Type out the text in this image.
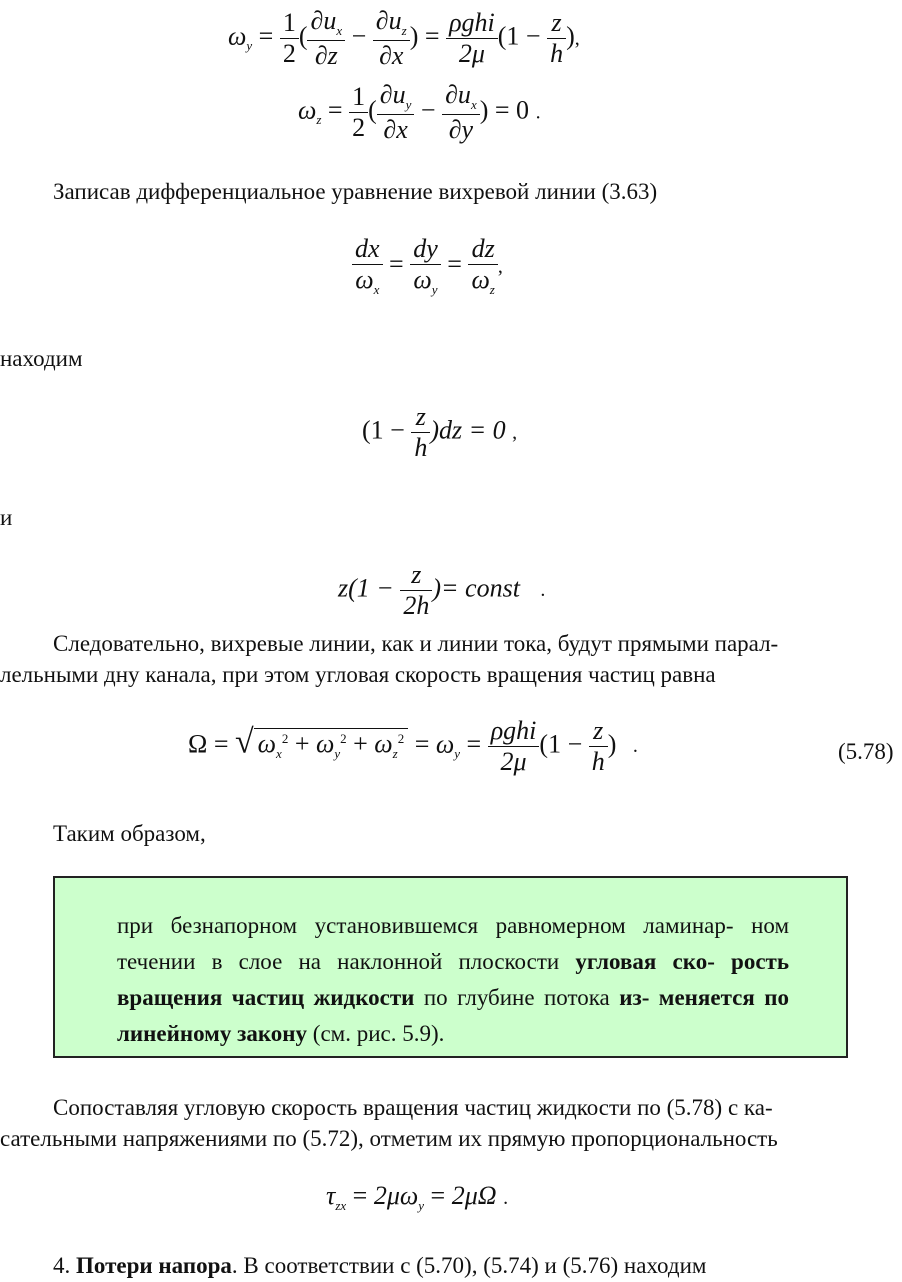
$\omega_y = \frac{1}{2}$ ( $\frac{\partial u_x}{\partial z} - \frac{\partial u_z}{\partial x}$ ) = $\frac{\text{ρghi}}{2\mu} (1 - \frac{z}{h}$ ),
$\omega_z = \frac{1}{2}$ ( $\frac{\partial u_y}{\partial x} - \frac{\partial u_x}{\partial y}$ ) = 0 .
Записав дифференциальное уравнение вихревой линии (3.63)
$\frac{dx}{\omega_x} = \frac{dy}{\omega_y} = \frac{dz}{\omega_z}$ ,
находим
$(1 - \frac{z}{h} )dz = 0$ ,
и
$z(1 - \frac{z}{2h}$ )= const .
Следовательно, вихревые линии, как и линии тока, будут прямыми парал-
лельными дну канала, при этом угловая скорость вращения частиц равна
Ω = √ $\omega_x^2 + \omega_y^2 + \omega_z^2 = \omega_y = \frac{\text{ρghi}}{2\mu} (1 - \frac{z}{h}$ ) .	(5.78)
Таким образом,

при безнапорном установившемся равномерном ламинар- ном течении в слое на наклонной плоскости угловая ско- рость вращения частиц жидкости по глубине потока из- меняется по линейному закону (см. рис. 5.9).

Сопоставляя угловую скорость вращения частиц жидкости по (5.78) с ка-
сательными напряжениями по (5.72), отметим их прямую пропорциональность
$\tau_{zx} = 2\mu\omega_y = 2\mu\Omega$ .
4. Потери напора. В соответствии с (5.70), (5.74) и (5.76) находим
